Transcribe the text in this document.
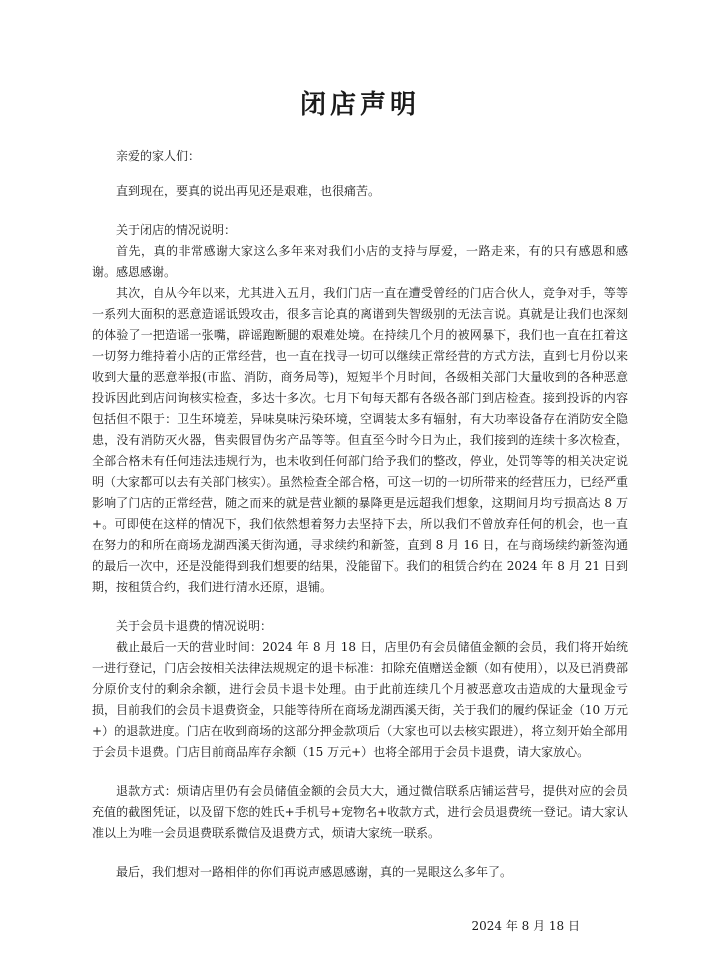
闭店声明

亲爱的家人们：

直到现在，要真的说出再见还是艰难，也很痛苦。

关于闭店的情况说明：

首先，真的非常感谢大家这么多年来对我们小店的支持与厚爱，一路走来，有的只有感恩和感谢。感恩感谢。

其次，自从今年以来，尤其进入五月，我们门店一直在遭受曾经的门店合伙人，竞争对手，等等一系列大面积的恶意造谣诋毁攻击，很多言论真的离谱到失智级别的无法言说。真就是让我们也深刻的体验了一把造谣一张嘴，辟谣跑断腿的艰难处境。在持续几个月的被网暴下，我们也一直在扛着这一切努力维持着小店的正常经营，也一直在找寻一切可以继续正常经营的方式方法，直到七月份以来收到大量的恶意举报(市监、消防，商务局等)，短短半个月时间，各级相关部门大量收到的各种恶意投诉因此到店问询核实检查，多达十多次。七月下旬每天都有各级各部门到店检查。接到投诉的内容包括但不限于：卫生环境差，异味臭味污染环境，空调装太多有辐射，有大功率设备存在消防安全隐患，没有消防灭火器，售卖假冒伪劣产品等等。但直至今时今日为止，我们接到的连续十多次检查，全部合格未有任何违法违规行为，也未收到任何部门给予我们的整改，停业，处罚等等的相关决定说明（大家都可以去有关部门核实）。虽然检查全部合格，可这一切的一切所带来的经营压力，已经严重影响了门店的正常经营，随之而来的就是营业额的暴降更是远超我们想象，这期间月均亏损高达 8 万+。可即使在这样的情况下，我们依然想着努力去坚持下去，所以我们不曾放弃任何的机会，也一直在努力的和所在商场龙湖西溪天街沟通，寻求续约和新签，直到 8 月 16 日，在与商场续约新签沟通的最后一次中，还是没能得到我们想要的结果，没能留下。我们的租赁合约在 2024 年 8 月 21 日到期，按租赁合约，我们进行清水还原，退铺。

关于会员卡退费的情况说明：

截止最后一天的营业时间：2024 年 8 月 18 日，店里仍有会员储值金额的会员，我们将开始统一进行登记，门店会按相关法律法规规定的退卡标准：扣除充值赠送金额（如有使用），以及已消费部分原价支付的剩余余额，进行会员卡退卡处理。由于此前连续几个月被恶意攻击造成的大量现金亏损，目前我们的会员卡退费资金，只能等待所在商场龙湖西溪天街，关于我们的履约保证金（10 万元+）的退款进度。门店在收到商场的这部分押金款项后（大家也可以去核实跟进），将立刻开始全部用于会员卡退费。门店目前商品库存余额（15 万元+）也将全部用于会员卡退费，请大家放心。

退款方式：烦请店里仍有会员储值金额的会员大大，通过微信联系店铺运营号，提供对应的会员充值的截图凭证，以及留下您的姓氏+手机号+宠物名+收款方式，进行会员退费统一登记。请大家认准以上为唯一会员退费联系微信及退费方式，烦请大家统一联系。

最后，我们想对一路相伴的你们再说声感恩感谢，真的一晃眼这么多年了。

2024 年 8 月 18 日
